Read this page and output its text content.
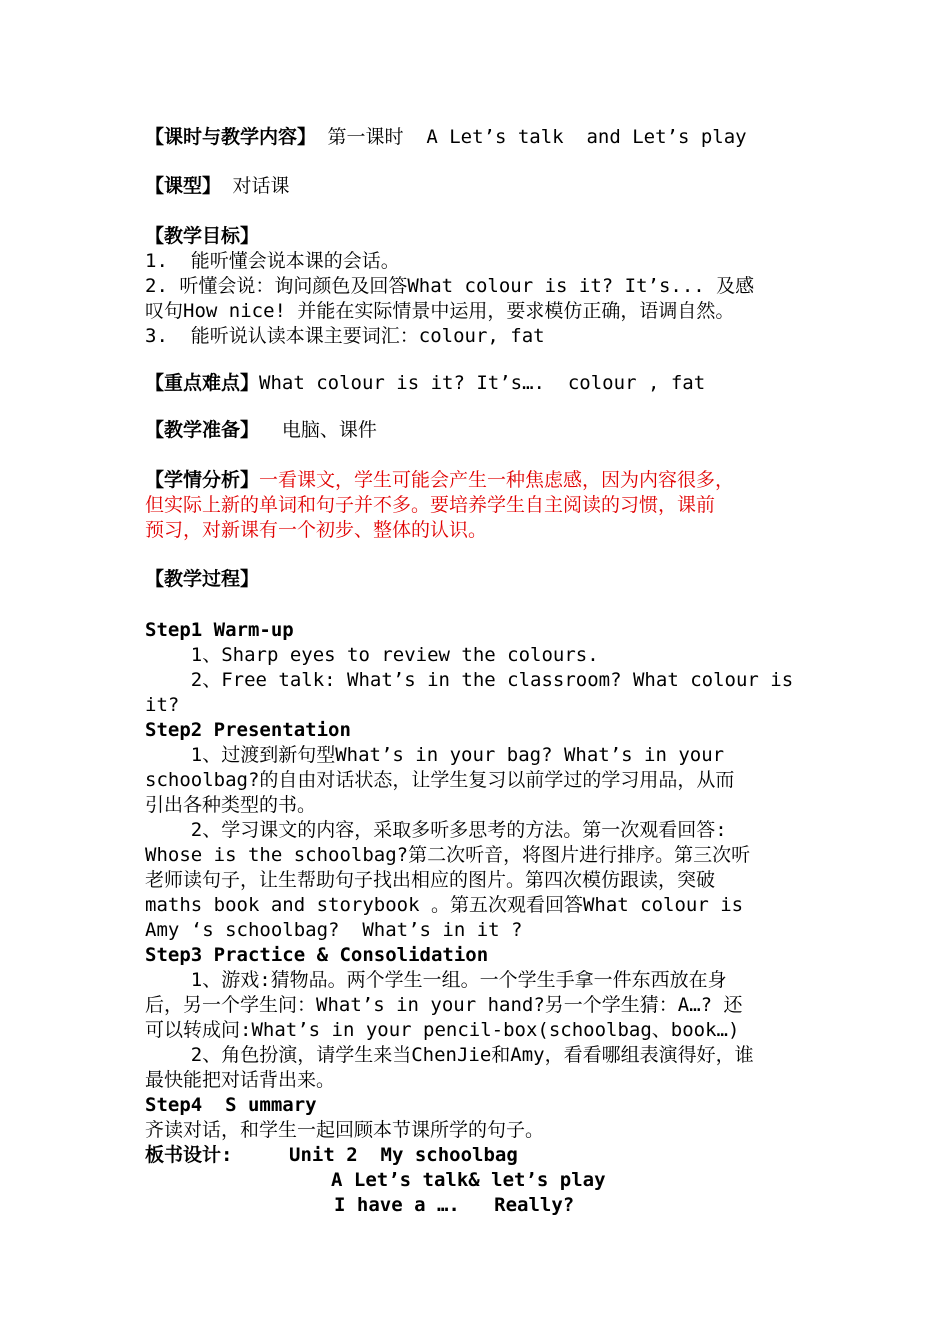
【课时与教学内容】 第一课时  A Let’s talk  and Let’s play
【课型】 对话课
【教学目标】
1.  能听懂会说本课的会话。
2. 听懂会说：询问颜色及回答What colour is it? It’s... 及感
叹句How nice! 并能在实际情景中运用，要求模仿正确，语调自然。
3.  能听说认读本课主要词汇：colour, fat
【重点难点】What colour is it? It’s….  colour , fat
【教学准备】  电脑、课件
【学情分析】一看课文，学生可能会产生一种焦虑感，因为内容很多，
但实际上新的单词和句子并不多。要培养学生自主阅读的习惯，课前
预习，对新课有一个初步、整体的认识。
【教学过程】
Step1 Warm-up
1、Sharp eyes to review the colours.
2、Free talk: What’s in the classroom? What colour is
it?
Step2 Presentation
1、过渡到新句型What’s in your bag? What’s in your
schoolbag?的自由对话状态，让学生复习以前学过的学习用品，从而
引出各种类型的书。
2、学习课文的内容，采取多听多思考的方法。第一次观看回答:
Whose is the schoolbag?第二次听音，将图片进行排序。第三次听
老师读句子，让生帮助句子找出相应的图片。第四次模仿跟读，突破
maths book and storybook 。第五次观看回答What colour is
Amy ‘s schoolbag?  What’s in it ?
Step3 Practice & Consolidation
1、游戏:猜物品。两个学生一组。一个学生手拿一件东西放在身
后，另一个学生问：What’s in your hand?另一个学生猜：A…? 还
可以转成问:What’s in your pencil-box(schoolbag、book…)
2、角色扮演，请学生来当ChenJie和Amy，看看哪组表演得好，谁
最快能把对话背出来。
Step4  S ummary
齐读对话，和学生一起回顾本节课所学的句子。
板书设计:	Unit 2  My schoolbag
A Let’s talk& let’s play
I have a ….   Really?
